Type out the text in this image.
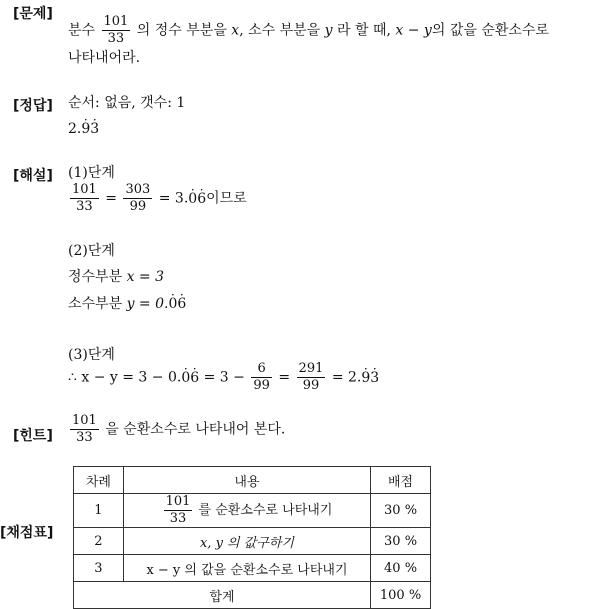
[문제]
분수 $\frac{101}{33}$ 의 정수 부분을 x, 소수 부분을 y 라 할 때, x − y의 값을 순환소수로
나타내어라.
[정답] 순서: 없음, 갯수: 1
2.9 ·3 ·
[해설] (1)단계
$\frac{101}{33} = \frac{303}{99} = 3.0 \cdot 6$ ·이므로
(2)단계
정수부분 x = 3
소수부분 y = 0.0 ·6 ·
(3)단계
∴ x − y = 3 − 0.0 ·6 · = $3 - \frac{6}{99} = \frac{291}{99} = 2.9 \cdot 3$ ·
[힌트] $\frac{101}{33}$ 을 순환소수로 나타내어 본다.
[채점표]
차례	내용	배점
1	$\frac{101}{33}$ 를 순환소수로 나타내기	30 %
2	x, y 의 값구하기	30 %
3	x − y 의 값을 순환소수로 나타내기	40 %
합계		100 %
